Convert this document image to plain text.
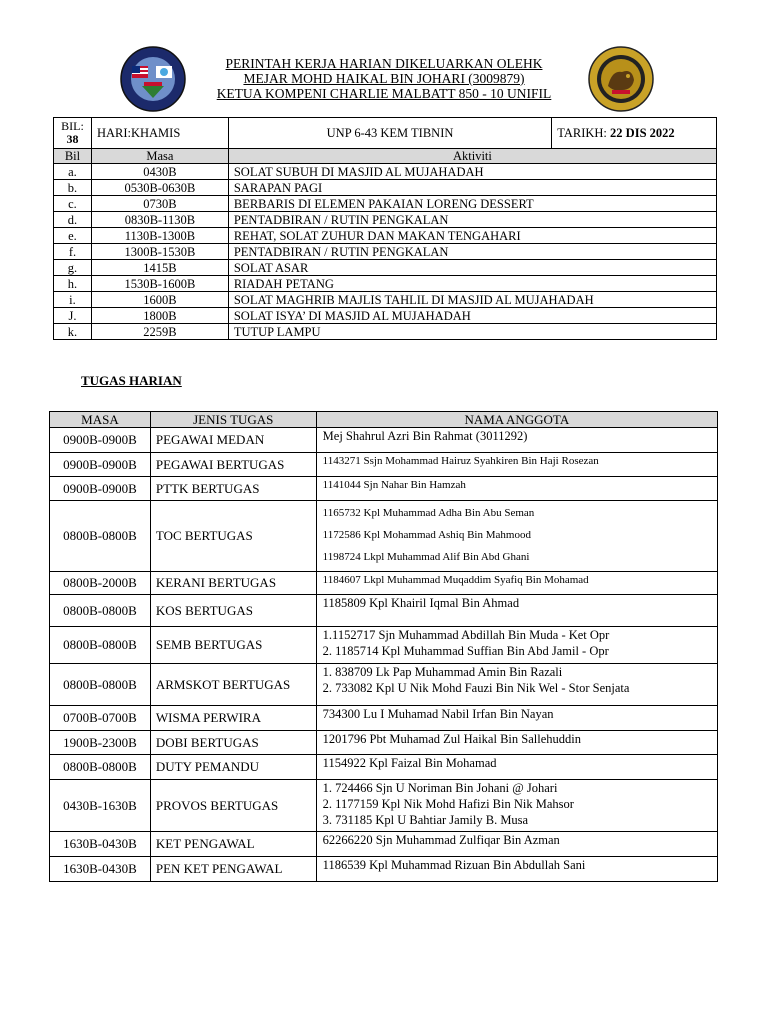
PERINTAH KERJA HARIAN DIKELUARKAN OLEHK
MEJAR MOHD HAIKAL BIN JOHARI (3009879)
KETUA KOMPENI CHARLIE MALBATT 850 - 10 UNIFIL
BIL:
38	HARI:KHAMIS	UNP 6-43 KEM TIBNIN	TARIKH: 22 DIS 2022
Bil	Masa	Aktiviti	
a.	0430B	SOLAT SUBUH DI MASJID AL MUJAHADAH	
b.	0530B-0630B	SARAPAN PAGI	
c.	0730B	BERBARIS DI ELEMEN PAKAIAN LORENG DESSERT	
d.	0830B-1130B	PENTADBIRAN / RUTIN PENGKALAN	
e.	1130B-1300B	REHAT, SOLAT ZUHUR DAN MAKAN TENGAHARI	
f.	1300B-1530B	PENTADBIRAN / RUTIN PENGKALAN	
g.	1415B	SOLAT ASAR	
h.	1530B-1600B	RIADAH PETANG	
i.	1600B	SOLAT MAGHRIB MAJLIS TAHLIL DI MASJID AL MUJAHADAH	
J.	1800B	SOLAT ISYA’ DI MASJID AL MUJAHADAH	
k.	2259B	TUTUP LAMPU	
TUGAS HARIAN
MASA	JENIS TUGAS	NAMA ANGGOTA
0900B-0900B	PEGAWAI MEDAN	Mej Shahrul Azri Bin Rahmat (3011292)

0900B-0900B	PEGAWAI BERTUGAS	1143271 Ssjn Mohammad Hairuz Syahkiren Bin Haji Rosezan

0900B-0900B	PTTK BERTUGAS	1141044 Sjn Nahar Bin Hamzah

0800B-0800B	TOC BERTUGAS	1165732 Kpl Muhammad Adha Bin Abu Seman
1172586 Kpl Mohammad Ashiq Bin Mahmood
1198724 Lkpl Muhammad Alif Bin Abd Ghani

0800B-2000B	KERANI BERTUGAS	1184607 Lkpl Muhammad Muqaddim Syafiq Bin Mohamad

0800B-0800B	KOS BERTUGAS	1185809 Kpl Khairil Iqmal Bin Ahmad

0800B-0800B	SEMB BERTUGAS	1.1152717 Sjn Muhammad Abdillah Bin Muda - Ket Opr
2. 1185714 Kpl Muhammad Suffian Bin Abd Jamil - Opr

0800B-0800B	ARMSKOT BERTUGAS	1. 838709 Lk Pap Muhammad Amin Bin Razali
2. 733082 Kpl U Nik Mohd Fauzi Bin Nik Wel - Stor Senjata

0700B-0700B	WISMA PERWIRA	734300 Lu I Muhamad Nabil Irfan Bin Nayan

1900B-2300B	DOBI BERTUGAS	1201796 Pbt Muhamad Zul Haikal Bin Sallehuddin

0800B-0800B	DUTY PEMANDU	1154922 Kpl Faizal Bin Mohamad

0430B-1630B	PROVOS BERTUGAS	1. 724466 Sjn U Noriman Bin Johani @ Johari
2. 1177159 Kpl Nik Mohd Hafizi Bin Nik Mahsor
3. 731185 Kpl U Bahtiar Jamily B. Musa

1630B-0430B	KET PENGAWAL	62266220 Sjn Muhammad Zulfiqar Bin Azman

1630B-0430B	PEN KET PENGAWAL	1186539 Kpl Muhammad Rizuan Bin Abdullah Sani
